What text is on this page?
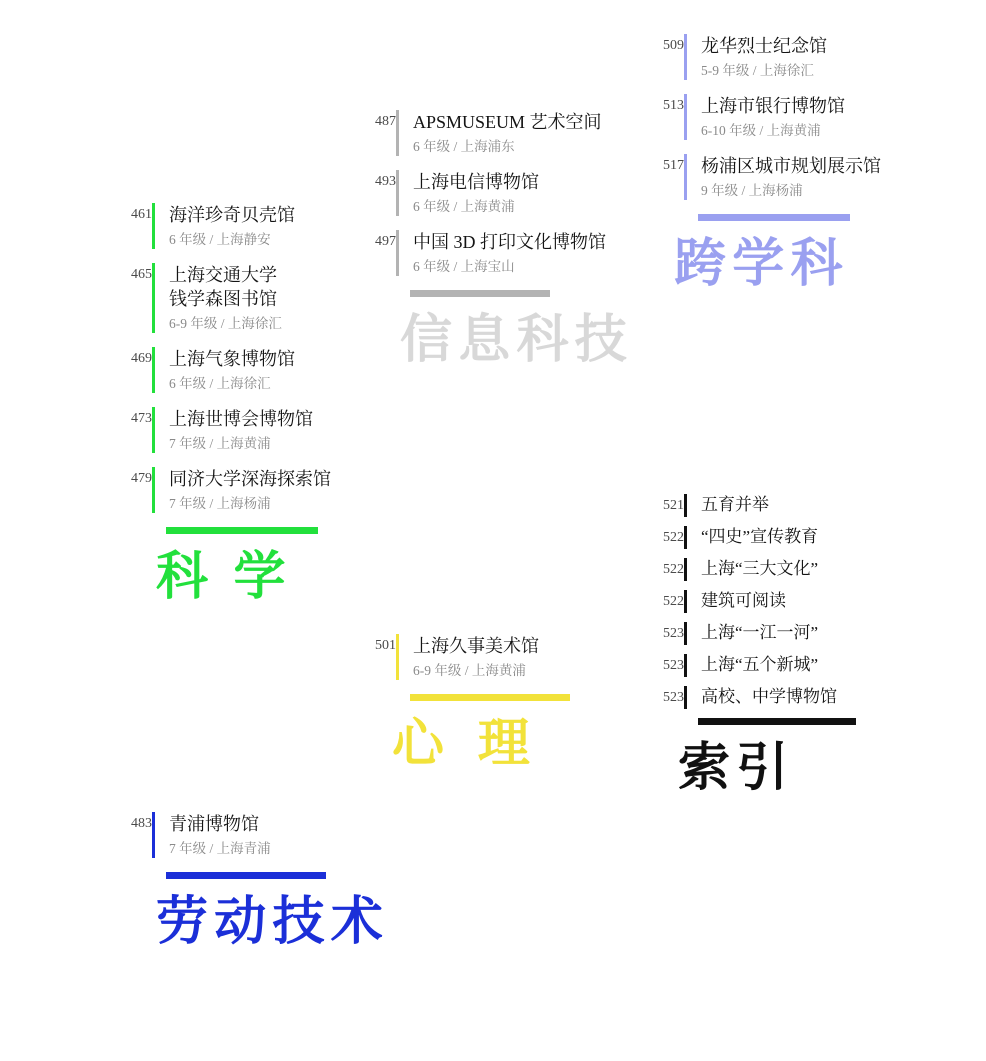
461 海洋珍奇贝壳馆
6 年级 / 上海静安
465 上海交通大学
钱学森图书馆
6-9 年级 / 上海徐汇
469 上海气象博物馆
6 年级 / 上海徐汇
473 上海世博会博物馆
7 年级 / 上海黄浦
479 同济大学深海探索馆
7 年级 / 上海杨浦
科 学
483 青浦博物馆
7 年级 / 上海青浦
劳动技术
487 APSMUSEUM 艺术空间
6 年级 / 上海浦东
493 上海电信博物馆
6 年级 / 上海黄浦
497 中国 3D 打印文化博物馆
6 年级 / 上海宝山
信息科技
501 上海久事美术馆
6-9 年级 / 上海黄浦
心 理
509 龙华烈士纪念馆
5-9 年级 / 上海徐汇
513 上海市银行博物馆
6-10 年级 / 上海黄浦
517 杨浦区城市规划展示馆
9 年级 / 上海杨浦
跨学科
521 五育并举
522 “四史”宣传教育
522 上海“三大文化”
522 建筑可阅读
523 上海“一江一河”
523 上海“五个新城”
523 高校、中学博物馆
索引
